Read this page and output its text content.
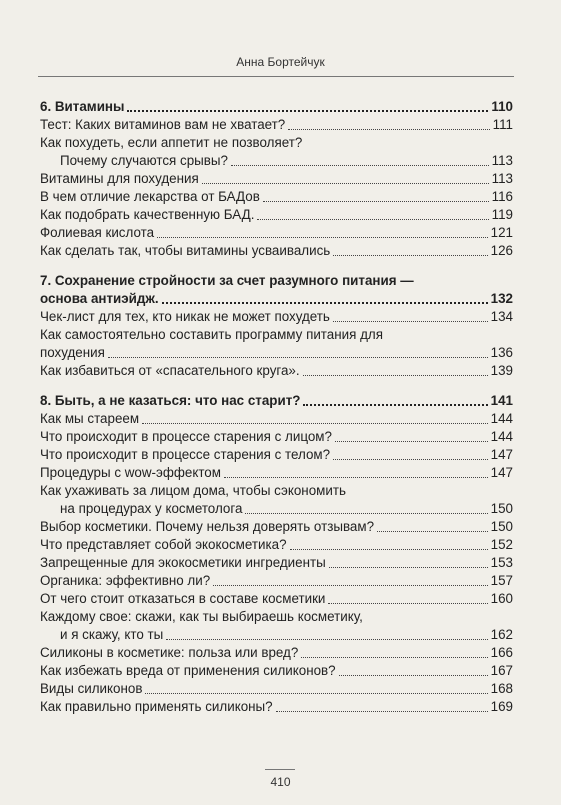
Анна Бортейчук
6. Витамины	110
Тест: Каких витаминов вам не хватает?	111
Как похудеть, если аппетит не позволяет?
Почему случаются срывы?	113
Витамины для похудения	113
В чем отличие лекарства от БАДов	116
Как подобрать качественную БАД.	119
Фолиевая кислота	121
Как сделать так, чтобы витамины усваивались	126
7. Сохранение стройности за счет разумного питания —
основа антиэйдж.	132
Чек-лист для тех, кто никак не может похудеть	134
Как самостоятельно составить программу питания для
похудения	136
Как избавиться от «спасательного круга».	139
8. Быть, а не казаться: что нас старит?	141
Как мы стареем	144
Что происходит в процессе старения с лицом?	144
Что происходит в процессе старения с телом?	147
Процедуры с wow-эффектом	147
Как ухаживать за лицом дома, чтобы сэкономить
на процедурах у косметолога	150
Выбор косметики. Почему нельзя доверять отзывам?	150
Что представляет собой экокосметика?	152
Запрещенные для экокосметики ингредиенты	153
Органика: эффективно ли?	157
От чего стоит отказаться в составе косметики	160
Каждому свое: скажи, как ты выбираешь косметику,
и я скажу, кто ты	162
Силиконы в косметике: польза или вред?	166
Как избежать вреда от применения силиконов?	167
Виды силиконов	168
Как правильно применять силиконы?	169
410
